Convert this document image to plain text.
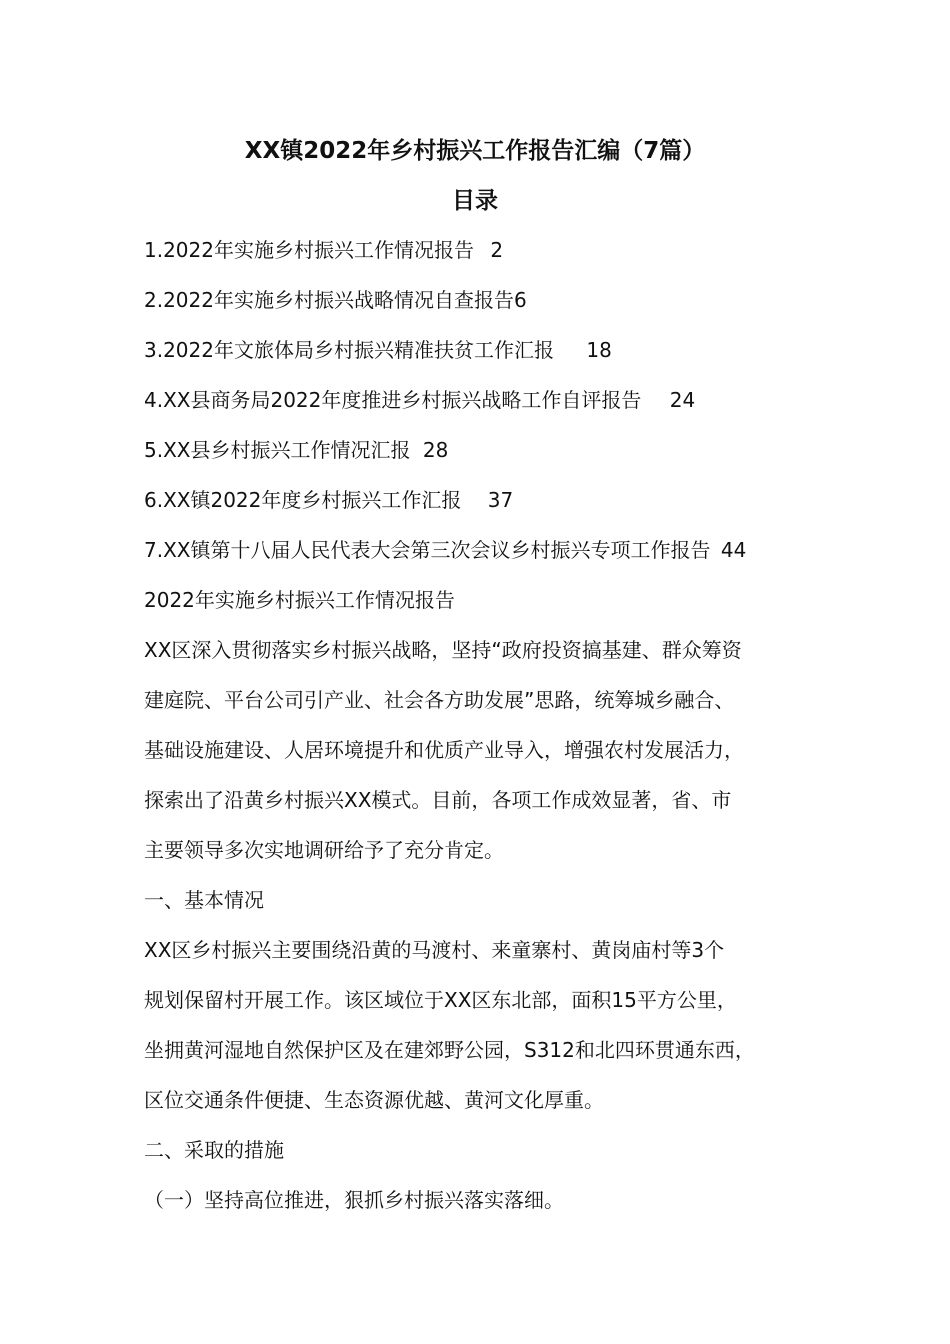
XX镇2022年乡村振兴工作报告汇编（7篇）
目录
1.2022年实施乡村振兴工作情况报告 2
2.2022年实施乡村振兴战略情况自查报告6
3.2022年文旅体局乡村振兴精准扶贫工作汇报 18
4.XX县商务局2022年度推进乡村振兴战略工作自评报告 24
5.XX县乡村振兴工作情况汇报 28
6.XX镇2022年度乡村振兴工作汇报 37
7.XX镇第十八届人民代表大会第三次会议乡村振兴专项工作报告 44
2022年实施乡村振兴工作情况报告
XX区深入贯彻落实乡村振兴战略，坚持“政府投资搞基建、群众筹资
建庭院、平台公司引产业、社会各方助发展”思路，统筹城乡融合、
基础设施建设、人居环境提升和优质产业导入，增强农村发展活力，
探索出了沿黄乡村振兴XX模式。目前，各项工作成效显著，省、市
主要领导多次实地调研给予了充分肯定。
一、基本情况
XX区乡村振兴主要围绕沿黄的马渡村、来童寨村、黄岗庙村等3个
规划保留村开展工作。该区域位于XX区东北部，面积15平方公里，
坐拥黄河湿地自然保护区及在建郊野公园，S312和北四环贯通东西，
区位交通条件便捷、生态资源优越、黄河文化厚重。
二、采取的措施
（一）坚持高位推进，狠抓乡村振兴落实落细。
